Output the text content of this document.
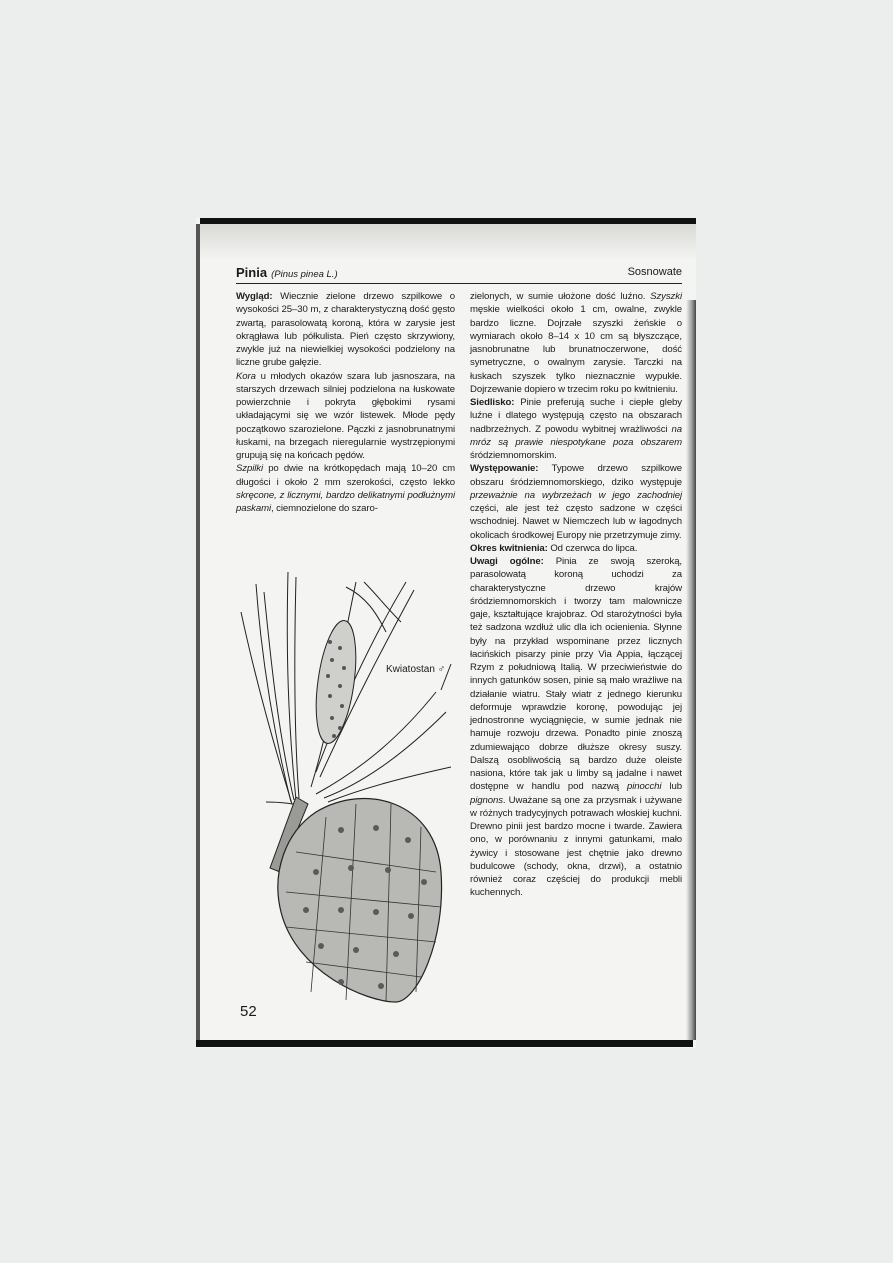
Pinia (Pinus pinea L.)	Sosnowate

Wygląd: Wiecznie zielone drzewo szpilkowe o wysokości 25–30 m, z charakterystyczną dość gęsto zwartą, parasolowatą koroną, która w zarysie jest okrągława lub półkulista. Pień często skrzywiony, zwykle już na niewielkiej wysokości podzielony na liczne grube gałęzie.

Kora u młodych okazów szara lub jasnoszara, na starszych drzewach silniej podzielona na łuskowate powierzchnie i pokryta głębokimi rysami układającymi się we wzór listewek. Młode pędy początkowo szarozielone. Pączki z jasnobrunatnymi łuskami, na brzegach nieregularnie wystrzępionymi grupują się na końcach pędów.

Szpilki po dwie na krótkopędach mają 10–20 cm długości i około 2 mm szerokości, często lekko skręcone, z licznymi, bardzo delikatnymi podłużnymi paskami, ciemnozielone do szaro-

zielonych, w sumie ułożone dość luźno. Szyszki męskie wielkości około 1 cm, owalne, zwykle bardzo liczne. Dojrzałe szyszki żeńskie o wymiarach około 8–14 x 10 cm są błyszczące, jasnobrunatne lub brunatnoczerwone, dość symetryczne, o owalnym zarysie. Tarczki na łuskach szyszek tylko nieznacznie wypukłe. Dojrzewanie dopiero w trzecim roku po kwitnieniu.

Siedlisko: Pinie preferują suche i ciepłe gleby luźne i dlatego występują często na obszarach nadbrzeżnych. Z powodu wybitnej wrażliwości na mróz są prawie niespotykane poza obszarem śródziemnomorskim.

Występowanie: Typowe drzewo szpilkowe obszaru śródziemnomorskiego, dziko występuje przeważnie na wybrzeżach w jego zachodniej części, ale jest też często sadzone w części wschodniej. Nawet w Niemczech lub w łagodnych okolicach środkowej Europy nie przetrzymuje zimy.

Okres kwitnienia: Od czerwca do lipca.

Uwagi ogólne: Pinia ze swoją szeroką, parasolowatą koroną uchodzi za charakterystyczne drzewo krajów śródziemnomorskich i tworzy tam malownicze gaje, kształtujące krajobraz. Od starożytności była też sadzona wzdłuż ulic dla ich ocienienia. Słynne były na przykład wspominane przez licznych łacińskich pisarzy pinie przy Via Appia, łączącej Rzym z południową Italią. W przeciwieństwie do innych gatunków sosen, pinie są mało wrażliwe na działanie wiatru. Stały wiatr z jednego kierunku deformuje wprawdzie koronę, powodując jej jednostronne wyciągnięcie, w sumie jednak nie hamuje rozwoju drzewa. Ponadto pinie znoszą zdumiewająco dobrze dłuższe okresy suszy. Dalszą osobliwością są bardzo duże oleiste nasiona, które tak jak u limby są jadalne i nawet dostępne w handlu pod nazwą pinocchi lub pignons. Uważane są one za przysmak i używane w różnych tradycyjnych potrawach włoskiej kuchni. Drewno pinii jest bardzo mocne i twarde. Zawiera ono, w porównaniu z innymi gatunkami, mało żywicy i stosowane jest chętnie jako drewno budulcowe (schody, okna, drzwi), a ostatnio również coraz częściej do produkcji mebli kuchennych.

Kwiatostan ♂
52
